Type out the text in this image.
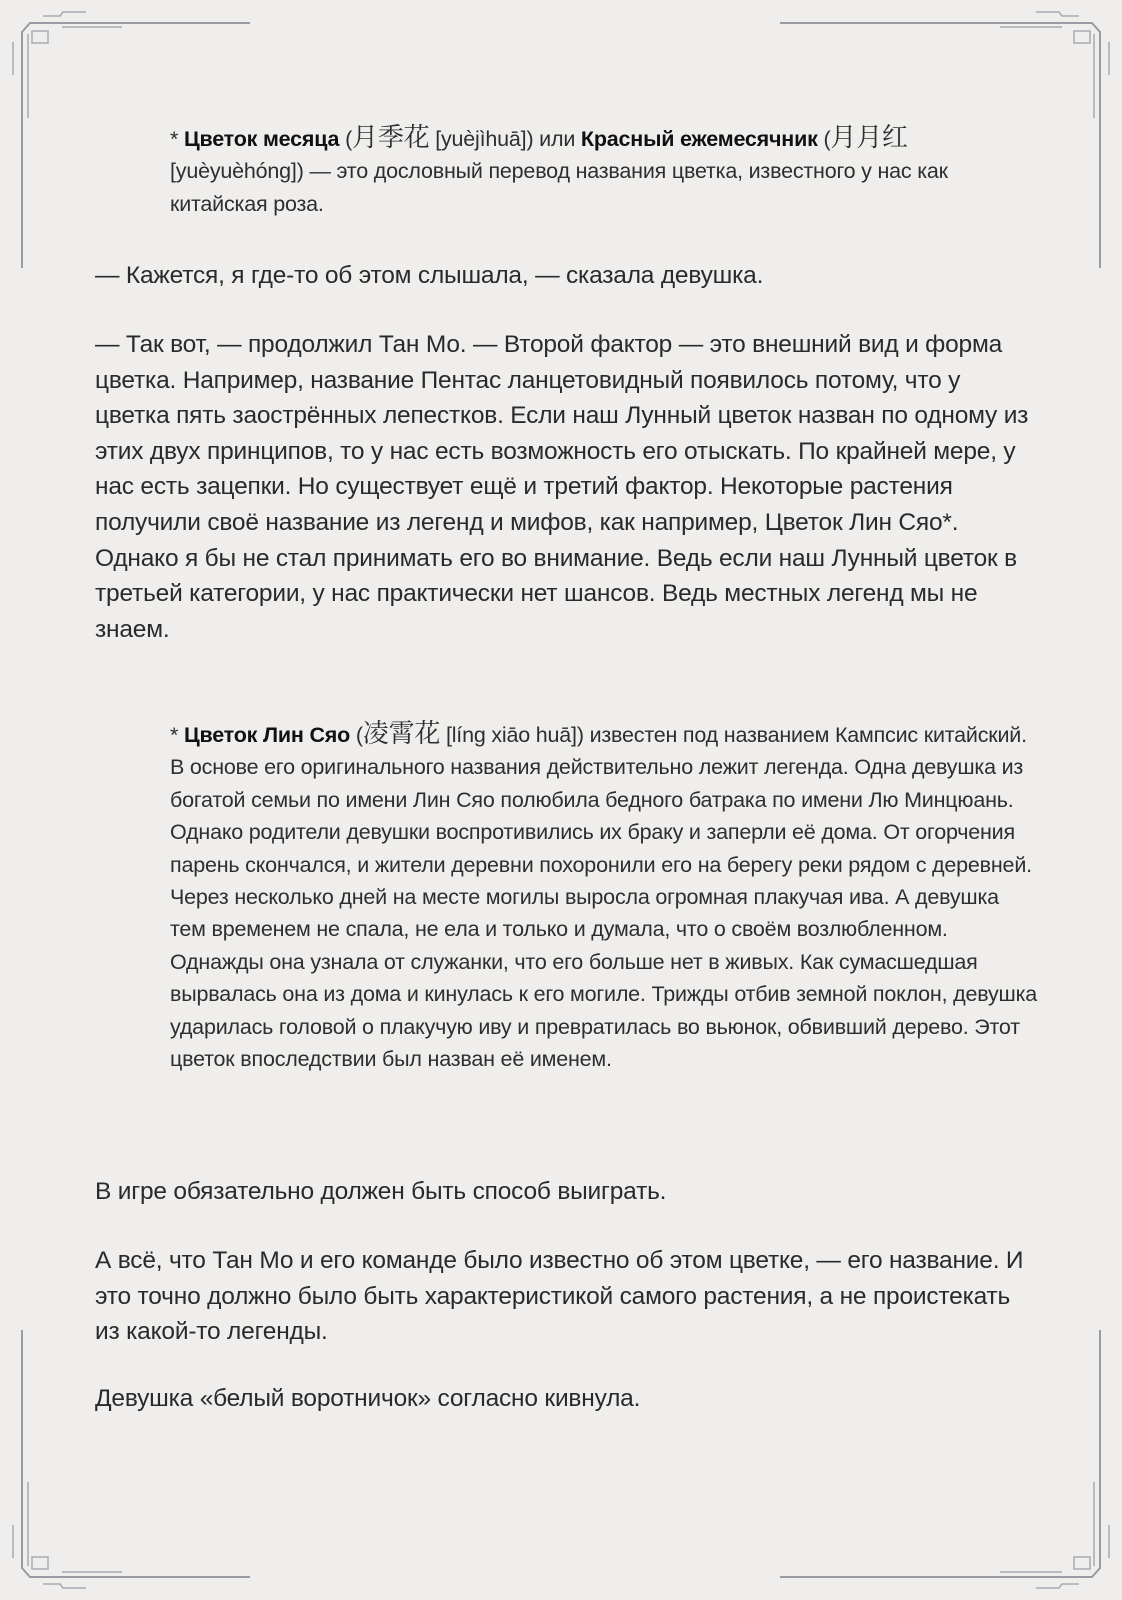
* Цветок месяца (月季花 [yuèjìhuā]) или Красный ежемесячник (月月红 [yuèyuèhóng]) — это дословный перевод названия цветка, известного у нас как китайская роза.

— Кажется, я где-то об этом слышала, — сказала девушка.

— Так вот, — продолжил Тан Мо. — Второй фактор — это внешний вид и форма цветка. Например, название Пентас ланцетовидный появилось потому, что у цветка пять заострённых лепестков. Если наш Лунный цветок назван по одному из этих двух принципов, то у нас есть возможность его отыскать. По крайней мере, у нас есть зацепки. Но существует ещё и третий фактор. Некоторые растения получили своё название из легенд и мифов, как например, Цветок Лин Сяо*. Однако я бы не стал принимать его во внимание. Ведь если наш Лунный цветок в третьей категории, у нас практически нет шансов. Ведь местных легенд мы не знаем.

* Цветок Лин Сяо (凌霄花 [líng xiāo huā]) известен под названием Кампсис китайский. В основе его оригинального названия действительно лежит легенда. Одна девушка из богатой семьи по имени Лин Сяо полюбила бедного батрака по имени Лю Минцюань. Однако родители девушки воспротивились их браку и заперли её дома. От огорчения парень скончался, и жители деревни похоронили его на берегу реки рядом с деревней. Через несколько дней на месте могилы выросла огромная плакучая ива. А девушка тем временем не спала, не ела и только и думала, что о своём возлюбленном. Однажды она узнала от служанки, что его больше нет в живых. Как сумасшедшая вырвалась она из дома и кинулась к его могиле. Трижды отбив земной поклон, девушка ударилась головой о плакучую иву и превратилась во вьюнок, обвивший дерево. Этот цветок впоследствии был назван её именем.

В игре обязательно должен быть способ выиграть.

А всё, что Тан Мо и его команде было известно об этом цветке, — его название. И это точно должно было быть характеристикой самого растения, а не проистекать из какой-то легенды.

Девушка «белый воротничок» согласно кивнула.
